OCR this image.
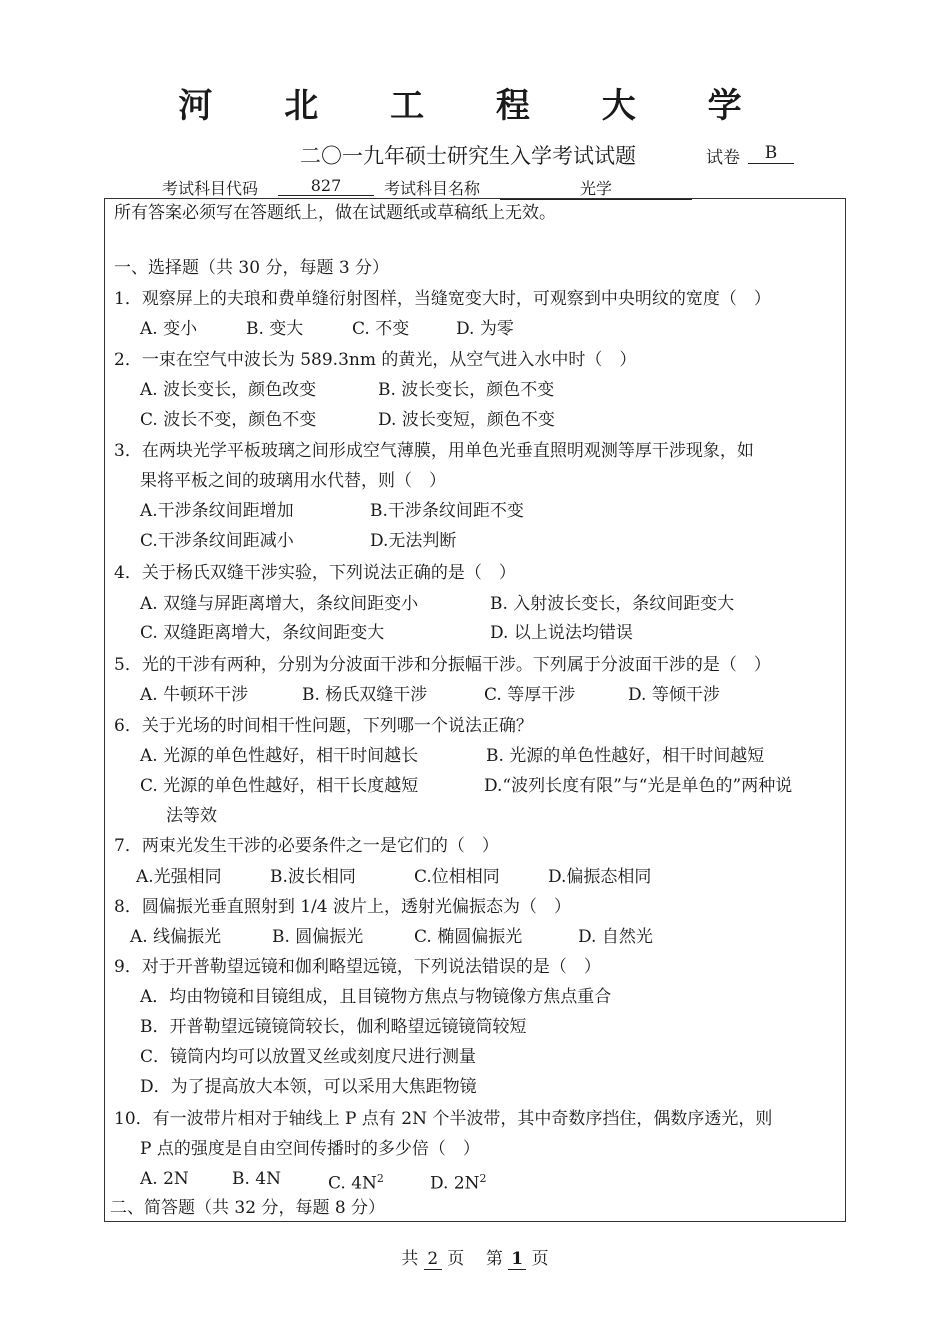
河 北 工 程 大 学
二〇一九年硕士研究生入学考试试题	试卷	B
考试科目代码	827	考试科目名称	光学
所有答案必须写在答题纸上，做在试题纸或草稿纸上无效。
一、选择题（共 30 分，每题 3 分）
1．观察屏上的夫琅和费单缝衍射图样，当缝宽变大时，可观察到中央明纹的宽度（　）
A. 变小	B. 变大	C. 不变	D. 为零
2．一束在空气中波长为 589.3nm 的黄光，从空气进入水中时（　）
A. 波长变长，颜色改变	B. 波长变长，颜色不变
C. 波长不变，颜色不变	D. 波长变短，颜色不变
3．在两块光学平板玻璃之间形成空气薄膜，用单色光垂直照明观测等厚干涉现象，如
果将平板之间的玻璃用水代替，则（　）
A.干涉条纹间距增加	B.干涉条纹间距不变
C.干涉条纹间距减小	D.无法判断
4．关于杨氏双缝干涉实验，下列说法正确的是（　）
A. 双缝与屏距离增大，条纹间距变小	B. 入射波长变长，条纹间距变大
C. 双缝距离增大，条纹间距变大	D. 以上说法均错误
5．光的干涉有两种，分别为分波面干涉和分振幅干涉。下列属于分波面干涉的是（　）
A. 牛顿环干涉	B. 杨氏双缝干涉	C. 等厚干涉	D. 等倾干涉
6．关于光场的时间相干性问题，下列哪一个说法正确？
A. 光源的单色性越好，相干时间越长	B. 光源的单色性越好，相干时间越短
C. 光源的单色性越好，相干长度越短	D.“波列长度有限”与“光是单色的”两种说
法等效
7．两束光发生干涉的必要条件之一是它们的（　）
A.光强相同	B.波长相同	C.位相相同	D.偏振态相同
8．圆偏振光垂直照射到 1/4 波片上，透射光偏振态为（　）
A. 线偏振光	B. 圆偏振光	C. 椭圆偏振光	D. 自然光
9．对于开普勒望远镜和伽利略望远镜，下列说法错误的是（　）
A．均由物镜和目镜组成，且目镜物方焦点与物镜像方焦点重合
B．开普勒望远镜镜筒较长，伽利略望远镜镜筒较短
C．镜筒内均可以放置叉丝或刻度尺进行测量
D．为了提高放大本领，可以采用大焦距物镜
10．有一波带片相对于轴线上 P 点有 2N 个半波带，其中奇数序挡住，偶数序透光，则
P 点的强度是自由空间传播时的多少倍（　）
A. 2N	B. 4N	C. $4N^2$	D. $2N^2$
二、简答题（共 32 分，每题 8 分）
共 2 页 第 1 页
